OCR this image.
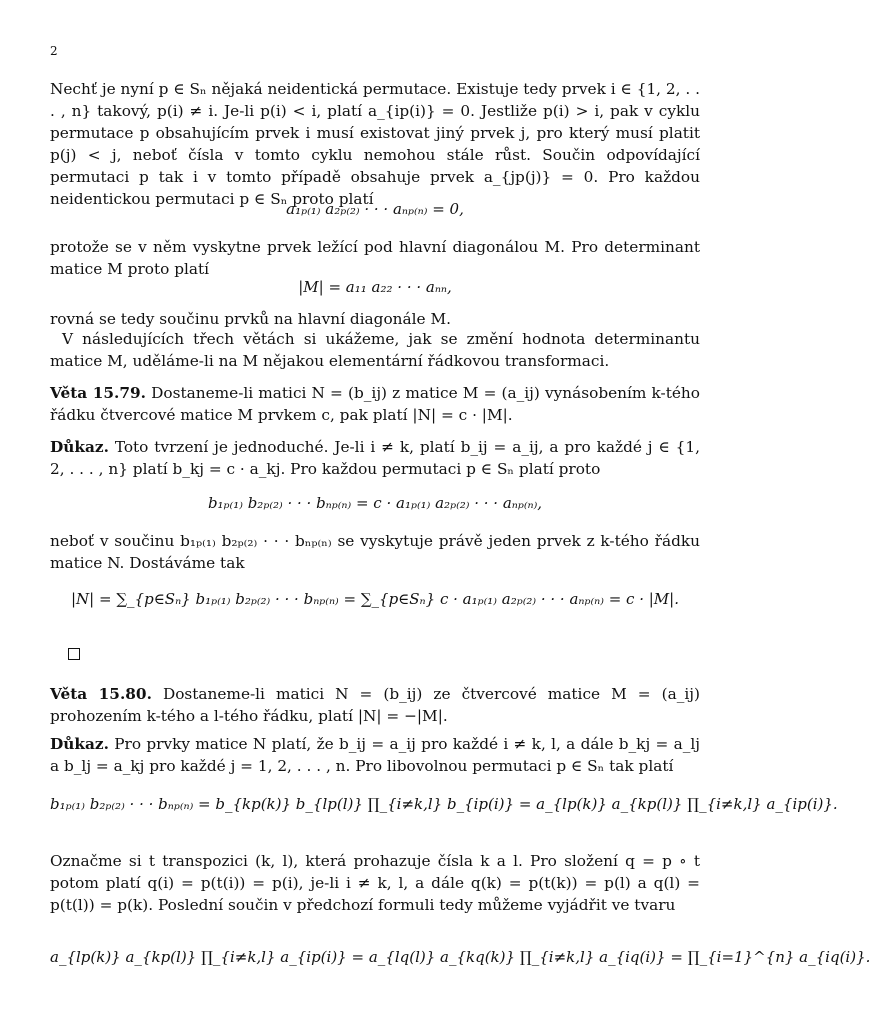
2
Nechť je nyní p ∈ Sₙ nějaká neidentická permutace. Existuje tedy prvek i ∈ {1, 2, . . . , n} takový, p(i) ≠ i. Je-li p(i) < i, platí a_{ip(i)} = 0. Jestliže p(i) > i, pak v cyklu permutace p obsahujícím prvek i musí existovat jiný prvek j, pro který musí platit p(j) < j, neboť čísla v tomto cyklu nemohou stále růst. Součin odpovídající permutaci p tak i v tomto případě obsahuje prvek a_{jp(j)} = 0. Pro každou neidentickou permutaci p ∈ Sₙ proto platí
a₁ₚ₍₁₎ a₂ₚ₍₂₎ · · · aₙₚ₍ₙ₎ = 0,
protože se v něm vyskytne prvek ležící pod hlavní diagonálou M. Pro determinant matice M proto platí
|M| = a₁₁ a₂₂ · · · aₙₙ,
rovná se tedy součinu prvků na hlavní diagonále M.
V následujících třech větách si ukážeme, jak se změní hodnota determinantu matice M, uděláme-li na M nějakou elementární řádkovou transformaci.
Věta 15.79. Dostaneme-li matici N = (b_ij) z matice M = (a_ij) vynásobením k-tého řádku čtvercové matice M prvkem c, pak platí |N| = c · |M|.
Důkaz. Toto tvrzení je jednoduché. Je-li i ≠ k, platí b_ij = a_ij, a pro každé j ∈ {1, 2, . . . , n} platí b_kj = c · a_kj. Pro každou permutaci p ∈ Sₙ platí proto
b₁ₚ₍₁₎ b₂ₚ₍₂₎ · · · bₙₚ₍ₙ₎ = c · a₁ₚ₍₁₎ a₂ₚ₍₂₎ · · · aₙₚ₍ₙ₎,
neboť v součinu b₁ₚ₍₁₎ b₂ₚ₍₂₎ · · · bₙₚ₍ₙ₎ se vyskytuje právě jeden prvek z k-tého řádku matice N. Dostáváme tak
|N| = ∑_{p∈Sₙ} b₁ₚ₍₁₎ b₂ₚ₍₂₎ · · · bₙₚ₍ₙ₎ = ∑_{p∈Sₙ} c · a₁ₚ₍₁₎ a₂ₚ₍₂₎ · · · aₙₚ₍ₙ₎ = c · |M|.
Věta 15.80. Dostaneme-li matici N = (b_ij) ze čtvercové matice M = (a_ij) prohozením k-tého a l-tého řádku, platí |N| = −|M|.
Důkaz. Pro prvky matice N platí, že b_ij = a_ij pro každé i ≠ k, l, a dále b_kj = a_lj a b_lj = a_kj pro každé j = 1, 2, . . . , n. Pro libovolnou permutaci p ∈ Sₙ tak platí
b₁ₚ₍₁₎ b₂ₚ₍₂₎ · · · bₙₚ₍ₙ₎ = b_{kp(k)} b_{lp(l)} ∏_{i≠k,l} b_{ip(i)} = a_{lp(k)} a_{kp(l)} ∏_{i≠k,l} a_{ip(i)}.
Označme si t transpozici (k, l), která prohazuje čísla k a l. Pro složení q = p ∘ t potom platí q(i) = p(t(i)) = p(i), je-li i ≠ k, l, a dále q(k) = p(t(k)) = p(l) a q(l) = p(t(l)) = p(k). Poslední součin v předchozí formuli tedy můžeme vyjádřit ve tvaru
a_{lp(k)} a_{kp(l)} ∏_{i≠k,l} a_{ip(i)} = a_{lq(l)} a_{kq(k)} ∏_{i≠k,l} a_{iq(i)} = ∏_{i=1}^{n} a_{iq(i)}.
